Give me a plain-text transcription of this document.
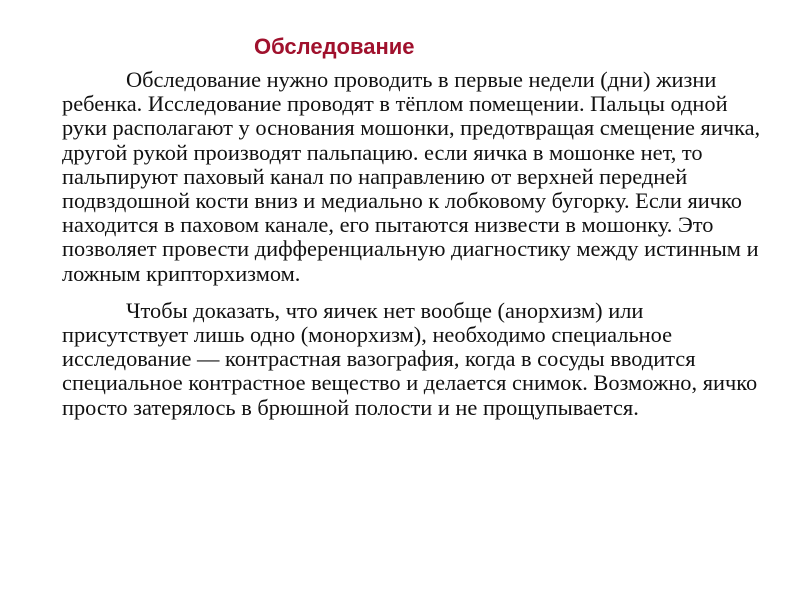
Обследование

Обследование нужно проводить в первые недели (дни) жизни ребенка. Исследование проводят в тёплом помещении. Пальцы одной руки располагают у основания мошонки, предотвращая смещение яичка, другой рукой производят пальпацию. если яичка в мошонке нет, то пальпируют паховый канал по направлению от верхней передней подвздошной кости вниз и медиально к лобковому бугорку. Если яичко находится в паховом канале, его пытаются низвести в мошонку. Это позволяет провести дифференциальную диагностику между истинным и ложным крипторхизмом.

Чтобы доказать, что яичек нет вообще (анорхизм) или присутствует лишь одно (монорхизм), необходимо специальное исследование — контрастная вазография, когда в сосуды вводится специальное контрастное вещество и делается снимок. Возможно, яичко просто затерялось в брюшной полости и не прощупывается.
